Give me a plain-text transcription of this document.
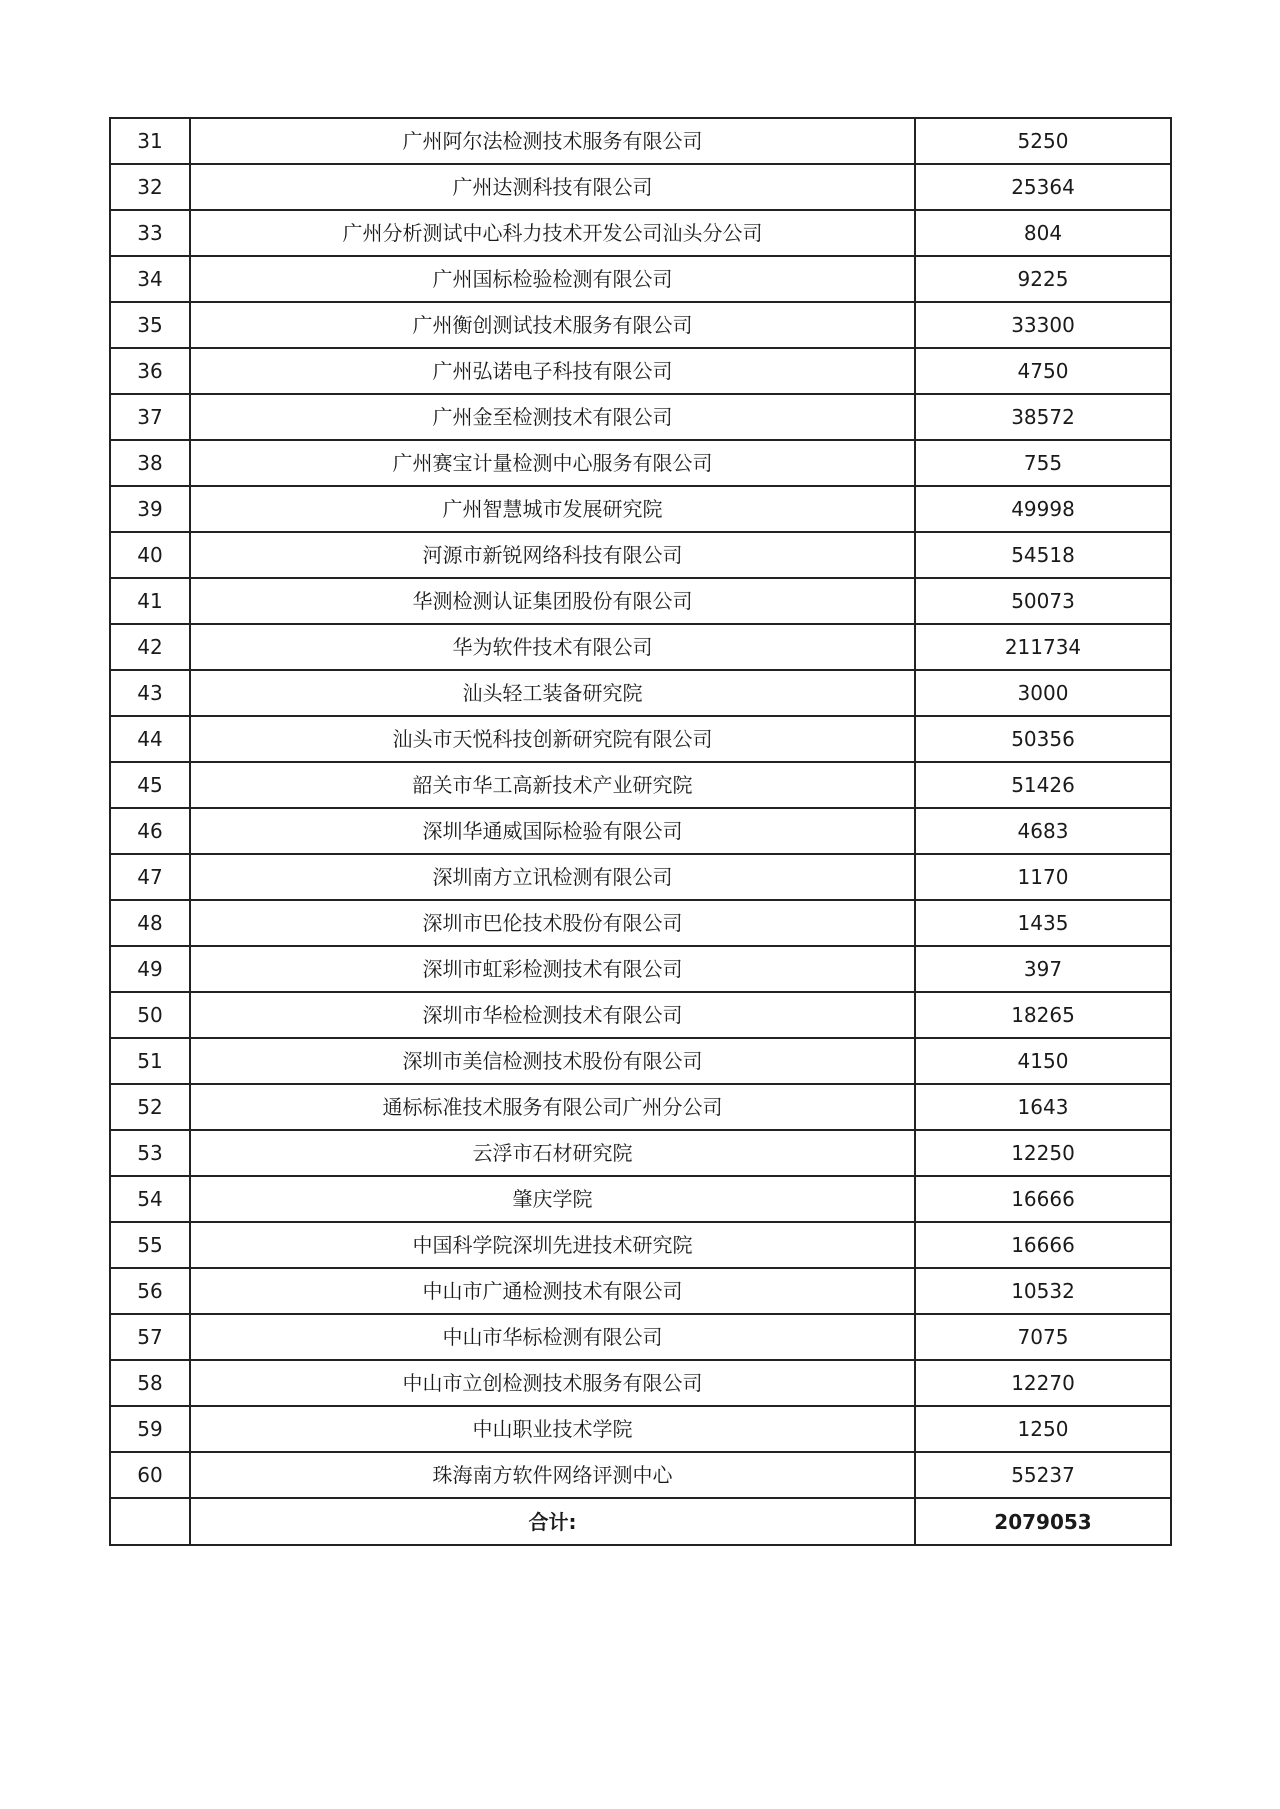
31	广州阿尔法检测技术服务有限公司	5250
32	广州达测科技有限公司	25364
33	广州分析测试中心科力技术开发公司汕头分公司	804
34	广州国标检验检测有限公司	9225
35	广州衡创测试技术服务有限公司	33300
36	广州弘诺电子科技有限公司	4750
37	广州金至检测技术有限公司	38572
38	广州赛宝计量检测中心服务有限公司	755
39	广州智慧城市发展研究院	49998
40	河源市新锐网络科技有限公司	54518
41	华测检测认证集团股份有限公司	50073
42	华为软件技术有限公司	211734
43	汕头轻工装备研究院	3000
44	汕头市天悦科技创新研究院有限公司	50356
45	韶关市华工高新技术产业研究院	51426
46	深圳华通威国际检验有限公司	4683
47	深圳南方立讯检测有限公司	1170
48	深圳市巴伦技术股份有限公司	1435
49	深圳市虹彩检测技术有限公司	397
50	深圳市华检检测技术有限公司	18265
51	深圳市美信检测技术股份有限公司	4150
52	通标标准技术服务有限公司广州分公司	1643
53	云浮市石材研究院	12250
54	肇庆学院	16666
55	中国科学院深圳先进技术研究院	16666
56	中山市广通检测技术有限公司	10532
57	中山市华标检测有限公司	7075
58	中山市立创检测技术服务有限公司	12270
59	中山职业技术学院	1250
60	珠海南方软件网络评测中心	55237
	合计:	2079053
